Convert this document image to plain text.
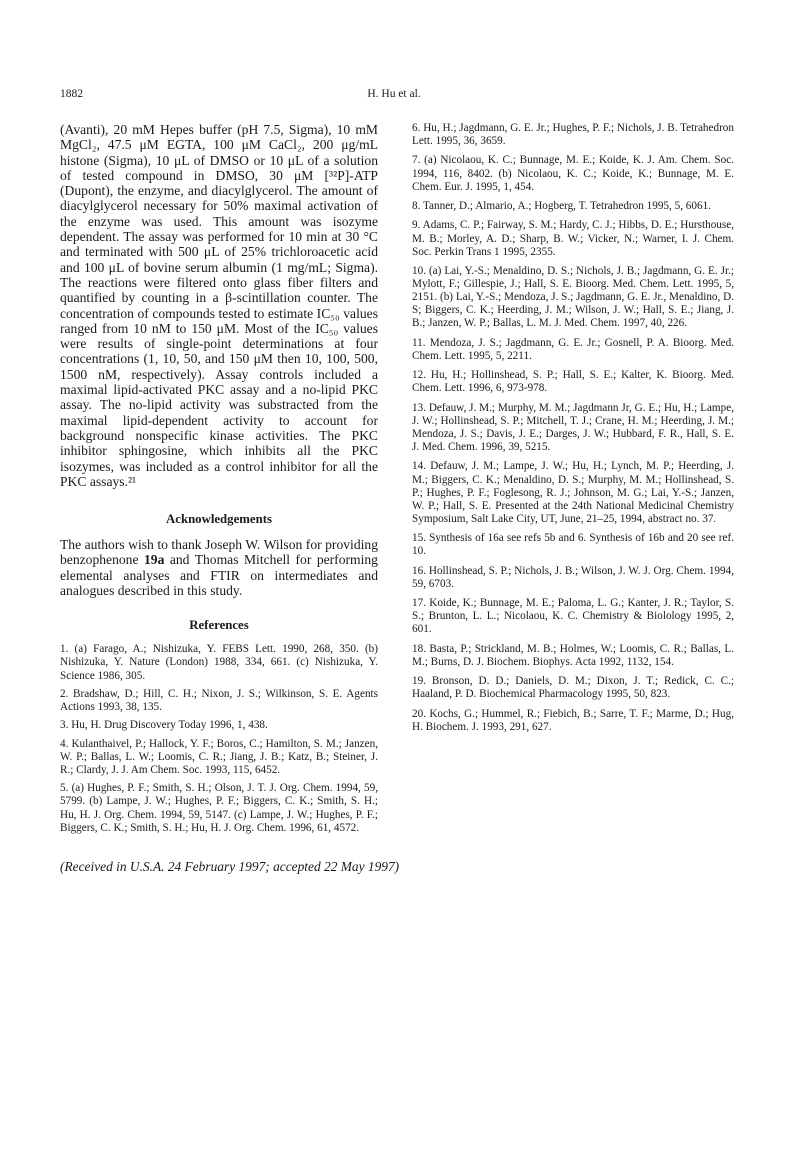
1882	H. Hu et al.

(Avanti), 20 mM Hepes buffer (pH 7.5, Sigma), 10 mM MgCl₂, 47.5 μM EGTA, 100 μM CaCl₂, 200 μg/mL histone (Sigma), 10 μL of DMSO or 10 μL of a solution of tested compound in DMSO, 30 μM [³²P]-ATP (Dupont), the enzyme, and diacylglycerol. The amount of diacylglycerol necessary for 50% maximal activation of the enzyme was used. This amount was isozyme dependent. The assay was performed for 10 min at 30 °C and terminated with 500 μL of 25% trichloroacetic acid and 100 μL of bovine serum albumin (1 mg/mL; Sigma). The reactions were filtered onto glass fiber filters and quantified by counting in a β-scintillation counter. The concentration of compounds tested to estimate IC₅₀ values ranged from 10 nM to 150 μM. Most of the IC₅₀ values were results of single-point determinations at four concentrations (1, 10, 50, and 150 μM then 10, 100, 500, 1500 nM, respectively). Assay controls included a maximal lipid-activated PKC assay and a no-lipid PKC assay. The no-lipid activity was substracted from the maximal lipid-dependent activity to account for background nonspecific kinase activities. The PKC inhibitor sphingosine, which inhibits all the PKC isozymes, was included as a control inhibitor for all the PKC assays.²¹

Acknowledgements

The authors wish to thank Joseph W. Wilson for providing benzophenone 19a and Thomas Mitchell for performing elemental analyses and FTIR on intermediates and analogues described in this study.

References

1. (a) Farago, A.; Nishizuka, Y. FEBS Lett. 1990, 268, 350. (b) Nishizuka, Y. Nature (London) 1988, 334, 661. (c) Nishizuka, Y. Science 1986, 305.

2. Bradshaw, D.; Hill, C. H.; Nixon, J. S.; Wilkinson, S. E. Agents Actions 1993, 38, 135.

3. Hu, H. Drug Discovery Today 1996, 1, 438.

4. Kulanthaivel, P.; Hallock, Y. F.; Boros, C.; Hamilton, S. M.; Janzen, W. P.; Ballas, L. W.; Loomis, C. R.; Jiang, J. B.; Katz, B.; Steiner, J. R.; Clardy, J. J. Am Chem. Soc. 1993, 115, 6452.

5. (a) Hughes, P. F.; Smith, S. H.; Olson, J. T. J. Org. Chem. 1994, 59, 5799. (b) Lampe, J. W.; Hughes, P. F.; Biggers, C. K.; Smith, S. H.; Hu, H. J. Org. Chem. 1994, 59, 5147. (c) Lampe, J. W.; Hughes, P. F.; Biggers, C. K.; Smith, S. H.; Hu, H. J. Org. Chem. 1996, 61, 4572.

6. Hu, H.; Jagdmann, G. E. Jr.; Hughes, P. F.; Nichols, J. B. Tetrahedron Lett. 1995, 36, 3659.

7. (a) Nicolaou, K. C.; Bunnage, M. E.; Koide, K. J. Am. Chem. Soc. 1994, 116, 8402. (b) Nicolaou, K. C.; Koide, K.; Bunnage, M. E. Chem. Eur. J. 1995, 1, 454.

8. Tanner, D.; Almario, A.; Hogberg, T. Tetrahedron 1995, 5, 6061.

9. Adams, C. P.; Fairway, S. M.; Hardy, C. J.; Hibbs, D. E.; Hursthouse, M. B.; Morley, A. D.; Sharp, B. W.; Vicker, N.; Warner, I. J. Chem. Soc. Perkin Trans 1 1995, 2355.

10. (a) Lai, Y.-S.; Menaldino, D. S.; Nichols, J. B.; Jagdmann, G. E. Jr.; Mylott, F.; Gillespie, J.; Hall, S. E. Bioorg. Med. Chem. Lett. 1995, 5, 2151. (b) Lai, Y.-S.; Mendoza, J. S.; Jagdmann, G. E. Jr., Menaldino, D. S; Biggers, C. K.; Heerding, J. M.; Wilson, J. W.; Hall, S. E.; Jiang, J. B.; Janzen, W. P.; Ballas, L. M. J. Med. Chem. 1997, 40, 226.

11. Mendoza, J. S.; Jagdmann, G. E. Jr.; Gosnell, P. A. Bioorg. Med. Chem. Lett. 1995, 5, 2211.

12. Hu, H.; Hollinshead, S. P.; Hall, S. E.; Kalter, K. Bioorg. Med. Chem. Lett. 1996, 6, 973-978.

13. Defauw, J. M.; Murphy, M. M.; Jagdmann Jr, G. E.; Hu, H.; Lampe, J. W.; Hollinshead, S. P.; Mitchell, T. J.; Crane, H. M.; Heerding, J. M.; Mendoza, J. S.; Davis, J. E.; Darges, J. W.; Hubbard, F. R., Hall, S. E. J. Med. Chem. 1996, 39, 5215.

14. Defauw, J. M.; Lampe, J. W.; Hu, H.; Lynch, M. P.; Heerding, J. M.; Biggers, C. K.; Menaldino, D. S.; Murphy, M. M.; Hollinshead, S. P.; Hughes, P. F.; Foglesong, R. J.; Johnson, M. G.; Lai, Y.-S.; Janzen, W. P.; Hall, S. E. Presented at the 24th National Medicinal Chemistry Symposium, Salt Lake City, UT, June, 21–25, 1994, abstract no. 37.

15. Synthesis of 16a see refs 5b and 6. Synthesis of 16b and 20 see ref. 10.

16. Hollinshead, S. P.; Nichols, J. B.; Wilson, J. W. J. Org. Chem. 1994, 59, 6703.

17. Koide, K.; Bunnage, M. E.; Paloma, L. G.; Kanter, J. R.; Taylor, S. S.; Brunton, L. L.; Nicolaou, K. C. Chemistry & Biolology 1995, 2, 601.

18. Basta, P.; Strickland, M. B.; Holmes, W.; Loomis, C. R.; Ballas, L. M.; Burns, D. J. Biochem. Biophys. Acta 1992, 1132, 154.

19. Bronson, D. D.; Daniels, D. M.; Dixon, J. T.; Redick, C. C.; Haaland, P. D. Biochemical Pharmacology 1995, 50, 823.

20. Kochs, G.; Hummel, R.; Fiebich, B.; Sarre, T. F.; Marme, D.; Hug, H. Biochem. J. 1993, 291, 627.

(Received in U.S.A. 24 February 1997; accepted 22 May 1997)
